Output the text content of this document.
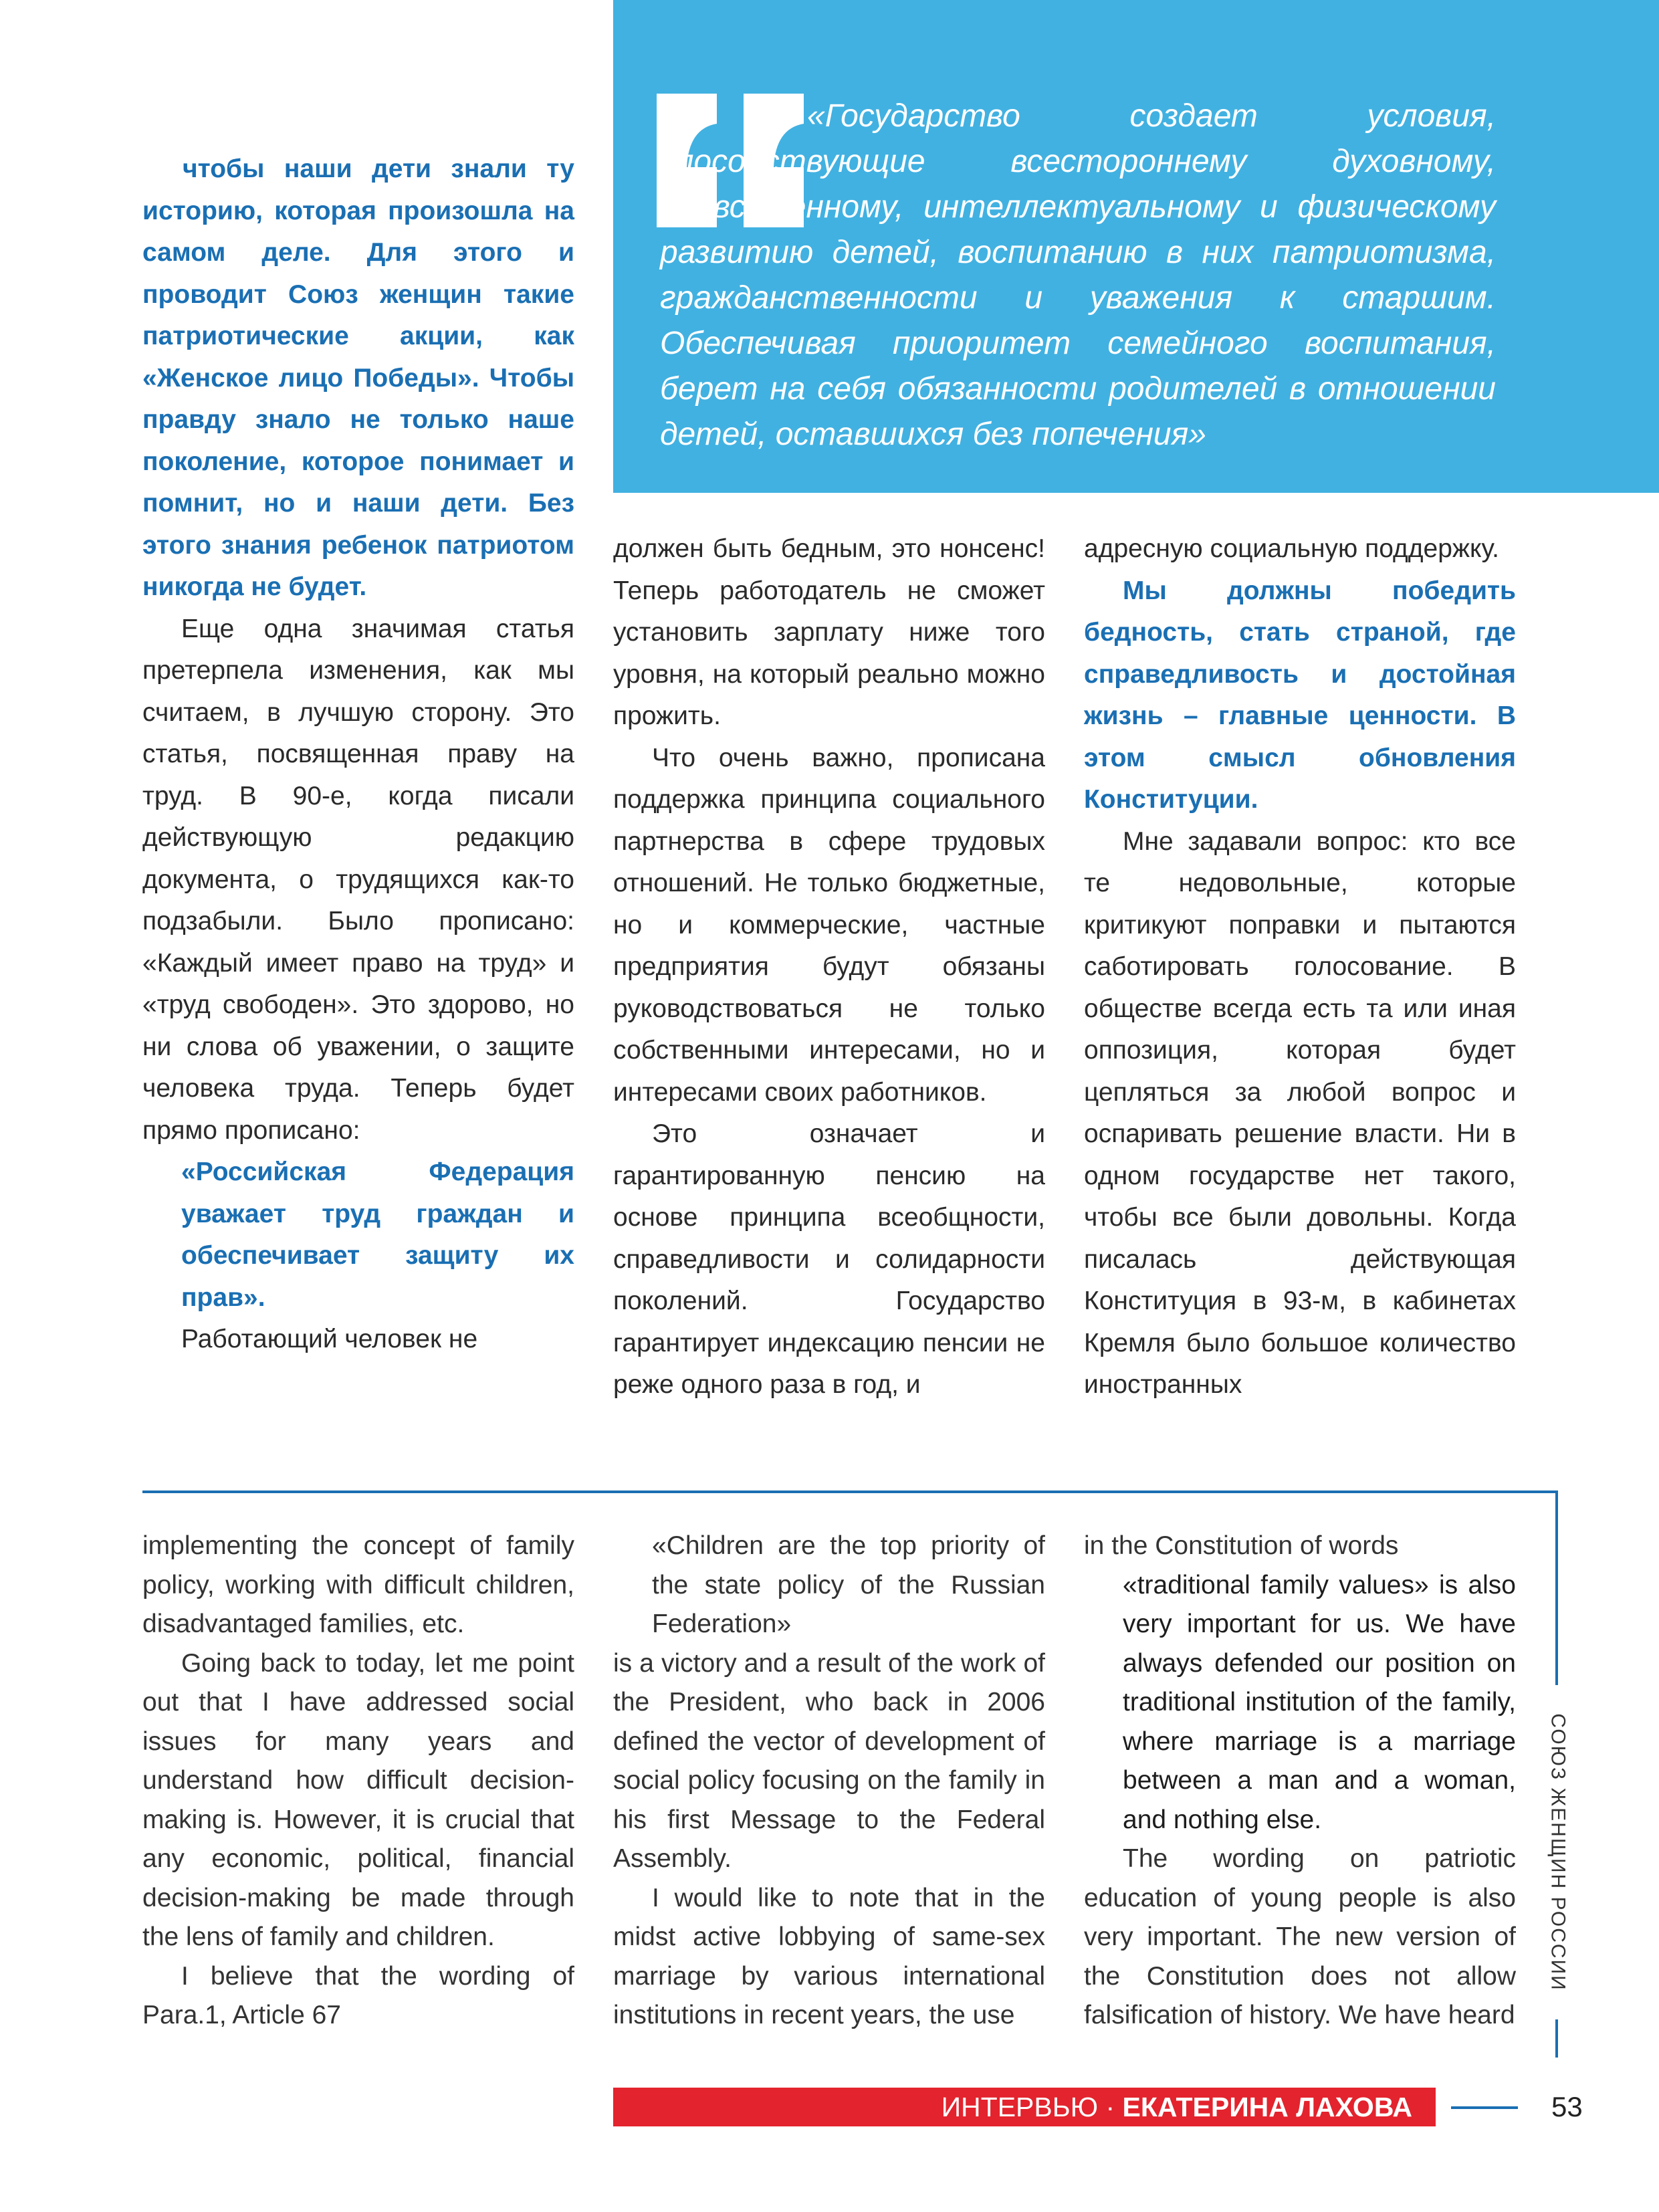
«Государство создает условия, способствующие всестороннему духовному, нравственному, интеллектуальному и физическому развитию детей, воспитанию в них патриотизма, гражданственности и уважения к старшим. Обеспечивая приоритет семейного воспитания, берет на себя обязанности родителей в отношении детей, оставшихся без попечения»

чтобы наши дети знали ту историю, которая произошла на самом деле. Для этого и проводит Союз женщин такие патриотические акции, как «Женское лицо Победы». Чтобы правду знало не только наше поколение, которое понимает и помнит, но и наши дети. Без этого знания ребенок патриотом никогда не будет.

Еще одна значимая статья претерпела изменения, как мы считаем, в лучшую сторону. Это статья, посвященная праву на труд. В 90-е, когда писали действующую редакцию документа, о трудящихся как-то подзабыли. Было прописано: «Каждый имеет право на труд» и «труд свободен». Это здорово, но ни слова об уважении, о защите человека труда. Теперь будет прямо прописано:

«Российская Федерация уважает труд граждан и обеспечивает защиту их прав».

Работающий человек не

должен быть бедным, это нонсенс! Теперь работодатель не сможет установить зарплату ниже того уровня, на который реально можно прожить.

Что очень важно, прописана поддержка принципа социального партнерства в сфере трудовых отношений. Не только бюджетные, но и коммерческие, частные предприятия будут обязаны руководствоваться не только собственными интересами, но и интересами своих работников.

Это означает и гарантированную пенсию на основе принципа всеобщности, справедливости и солидарности поколений. Государство гарантирует индексацию пенсии не реже одного раза в год, и

адресную социальную поддержку.

Мы должны победить бедность, стать страной, где справедливость и достойная жизнь – главные ценности. В этом смысл обновления Конституции.

Мне задавали вопрос: кто все те недовольные, которые критикуют поправки и пытаются саботировать голосование. В обществе всегда есть та или иная оппозиция, которая будет цепляться за любой вопрос и оспаривать решение власти. Ни в одном государстве нет такого, чтобы все были довольны. Когда писалась действующая Конституция в 93-м, в кабинетах Кремля было большое количество иностранных

implementing the concept of family policy, working with difficult children, disadvantaged families, etc.

Going back to today, let me point out that I have addressed social issues for many years and understand how difficult decision-making is. However, it is crucial that any economic, political, financial decision-making be made through the lens of family and children.

I believe that the wording of Para.1, Article 67

«Children are the top priority of the state policy of the Russian Federation»

is a victory and a result of the work of the President, who back in 2006 defined the vector of development of social policy focusing on the family in his first Message to the Federal Assembly.

I would like to note that in the midst active lobbying of same-sex marriage by various international institutions in recent years, the use

in the Constitution of words

«traditional family values» is also very important for us. We have always defended our position on traditional institution of the family, where marriage is a marriage between a man and a woman, and nothing else.

The wording on patriotic education of young people is also very important. The new version of the Constitution does not allow falsification of history. We have heard

СОЮЗ ЖЕНЩИН РОССИИ
ИНТЕРВЬЮ · ЕКАТЕРИНА ЛАХОВА	53
